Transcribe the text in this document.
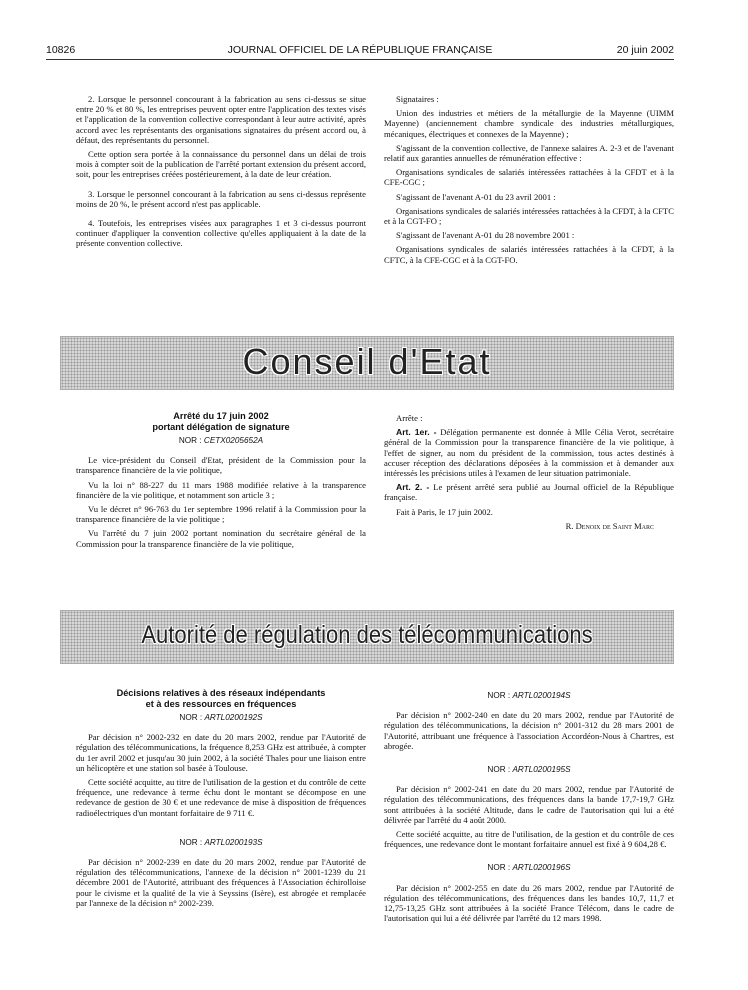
10826	JOURNAL OFFICIEL DE LA RÉPUBLIQUE FRANÇAISE	20 juin 2002

2. Lorsque le personnel concourant à la fabrication au sens ci-dessus se situe entre 20 % et 80 %, les entreprises peuvent opter entre l'application des textes visés et l'application de la convention collective correspondant à leur autre activité, après accord avec les représentants des organisations signataires du présent accord ou, à défaut, des représentants du personnel.

Cette option sera portée à la connaissance du personnel dans un délai de trois mois à compter soit de la publication de l'arrêté portant extension du présent accord, soit, pour les entreprises créées postérieurement, à la date de leur création.

3. Lorsque le personnel concourant à la fabrication au sens ci-dessus représente moins de 20 %, le présent accord n'est pas applicable.

4. Toutefois, les entreprises visées aux paragraphes 1 et 3 ci-dessus pourront continuer d'appliquer la convention collective qu'elles appliquaient à la date de la présente convention collective.

Signataires :

Union des industries et métiers de la métallurgie de la Mayenne (UIMM Mayenne) (anciennement chambre syndicale des industries métallurgiques, mécaniques, électriques et connexes de la Mayenne) ;

S'agissant de la convention collective, de l'annexe salaires A. 2-3 et de l'avenant relatif aux garanties annuelles de rémunération effective :

Organisations syndicales de salariés intéressées rattachées à la CFDT et à la CFE-CGC ;

S'agissant de l'avenant A-01 du 23 avril 2001 :

Organisations syndicales de salariés intéressées rattachées à la CFDT, à la CFTC et à la CGT-FO ;

S'agissant de l'avenant A-01 du 28 novembre 2001 :

Organisations syndicales de salariés intéressées rattachées à la CFDT, à la CFTC, à la CFE-CGC et à la CGT-FO.

Conseil d'Etat
Arrêté du 17 juin 2002
portant délégation de signature
NOR : CETX0205652A

Le vice-président du Conseil d'Etat, président de la Commission pour la transparence financière de la vie politique,

Vu la loi n° 88-227 du 11 mars 1988 modifiée relative à la transparence financière de la vie politique, et notamment son article 3 ;

Vu le décret n° 96-763 du 1er septembre 1996 relatif à la Commission pour la transparence financière de la vie politique ;

Vu l'arrêté du 7 juin 2002 portant nomination du secrétaire général de la Commission pour la transparence financière de la vie politique,

Arrête :

Art. 1er. - Délégation permanente est donnée à Mlle Célia Verot, secrétaire général de la Commission pour la transparence financière de la vie politique, à l'effet de signer, au nom du président de la commission, tous actes destinés à accuser réception des déclarations déposées à la commission et à demander aux intéressés les précisions utiles à l'examen de leur situation patrimoniale.

Art. 2. - Le présent arrêté sera publié au Journal officiel de la République française.

Fait à Paris, le 17 juin 2002.

R. Denoix de Saint Marc
Autorité de régulation des télécommunications
Décisions relatives à des réseaux indépendants
et à des ressources en fréquences
NOR : ARTL0200192S

Par décision n° 2002-232 en date du 20 mars 2002, rendue par l'Autorité de régulation des télécommunications, la fréquence 8,253 GHz est attribuée, à compter du 1er avril 2002 et jusqu'au 30 juin 2002, à la société Thales pour une liaison entre un hélicoptère et une station sol basée à Toulouse.

Cette société acquitte, au titre de l'utilisation de la gestion et du contrôle de cette fréquence, une redevance à terme échu dont le montant se décompose en une redevance de gestion de 30 € et une redevance de mise à disposition de fréquences radioélectriques d'un montant forfaitaire de 9 711 €.

NOR : ARTL0200193S

Par décision n° 2002-239 en date du 20 mars 2002, rendue par l'Autorité de régulation des télécommunications, l'annexe de la décision n° 2001-1239 du 21 décembre 2001 de l'Autorité, attribuant des fréquences à l'Association échirolloise pour le civisme et la qualité de la vie à Seyssins (Isère), est abrogée et remplacée par l'annexe de la décision n° 2002-239.

NOR : ARTL0200194S

Par décision n° 2002-240 en date du 20 mars 2002, rendue par l'Autorité de régulation des télécommunications, la décision n° 2001-312 du 28 mars 2001 de l'Autorité, attribuant une fréquence à l'association Accordéon-Nous à Chartres, est abrogée.

NOR : ARTL0200195S

Par décision n° 2002-241 en date du 20 mars 2002, rendue par l'Autorité de régulation des télécommunications, des fréquences dans la bande 17,7-19,7 GHz sont attribuées à la société Altitude, dans le cadre de l'autorisation qui lui a été délivrée par l'arrêté du 4 août 2000.

Cette société acquitte, au titre de l'utilisation, de la gestion et du contrôle de ces fréquences, une redevance dont le montant forfaitaire annuel est fixé à 9 604,28 €.

NOR : ARTL0200196S

Par décision n° 2002-255 en date du 26 mars 2002, rendue par l'Autorité de régulation des télécommunications, des fréquences dans les bandes 10,7, 11,7 et 12,75-13,25 GHz sont attribuées à la société France Télécom, dans le cadre de l'autorisation qui lui a été délivrée par l'arrêté du 12 mars 1998.
